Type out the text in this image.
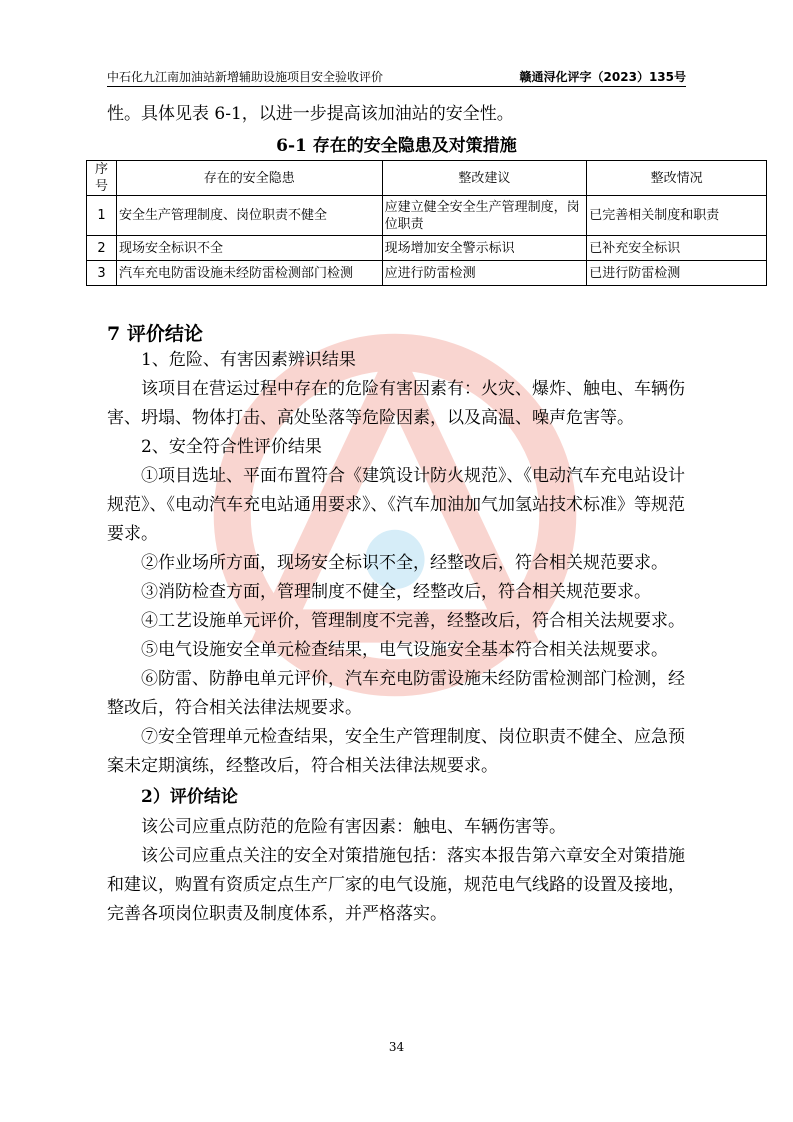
中石化九江南加油站新增辅助设施项目安全验收评价	赣通浔化评字（2023）135号
性。具体见表 6-1，以进一步提高该加油站的安全性。
6-1 存在的安全隐患及对策措施
序号	存在的安全隐患	整改建议	整改情况
1	安全生产管理制度、岗位职责不健全	应建立健全安全生产管理制度，岗位职责	已完善相关制度和职责
2	现场安全标识不全	现场增加安全警示标识	已补充安全标识
3	汽车充电防雷设施未经防雷检测部门检测	应进行防雷检测	已进行防雷检测
7 评价结论
1、危险、有害因素辨识结果
该项目在营运过程中存在的危险有害因素有：火灾、爆炸、触电、车辆伤害、坍塌、物体打击、高处坠落等危险因素，以及高温、噪声危害等。
2、安全符合性评价结果
①项目选址、平面布置符合《建筑设计防火规范》、《电动汽车充电站设计规范》、《电动汽车充电站通用要求》、《汽车加油加气加氢站技术标准》等规范要求。
②作业场所方面，现场安全标识不全，经整改后，符合相关规范要求。
③消防检查方面，管理制度不健全，经整改后，符合相关规范要求。
④工艺设施单元评价，管理制度不完善，经整改后，符合相关法规要求。
⑤电气设施安全单元检查结果，电气设施安全基本符合相关法规要求。
⑥防雷、防静电单元评价，汽车充电防雷设施未经防雷检测部门检测，经整改后，符合相关法律法规要求。
⑦安全管理单元检查结果，安全生产管理制度、岗位职责不健全、应急预案未定期演练，经整改后，符合相关法律法规要求。
2）评价结论
该公司应重点防范的危险有害因素：触电、车辆伤害等。
该公司应重点关注的安全对策措施包括：落实本报告第六章安全对策措施和建议，购置有资质定点生产厂家的电气设施，规范电气线路的设置及接地，完善各项岗位职责及制度体系，并严格落实。
34
